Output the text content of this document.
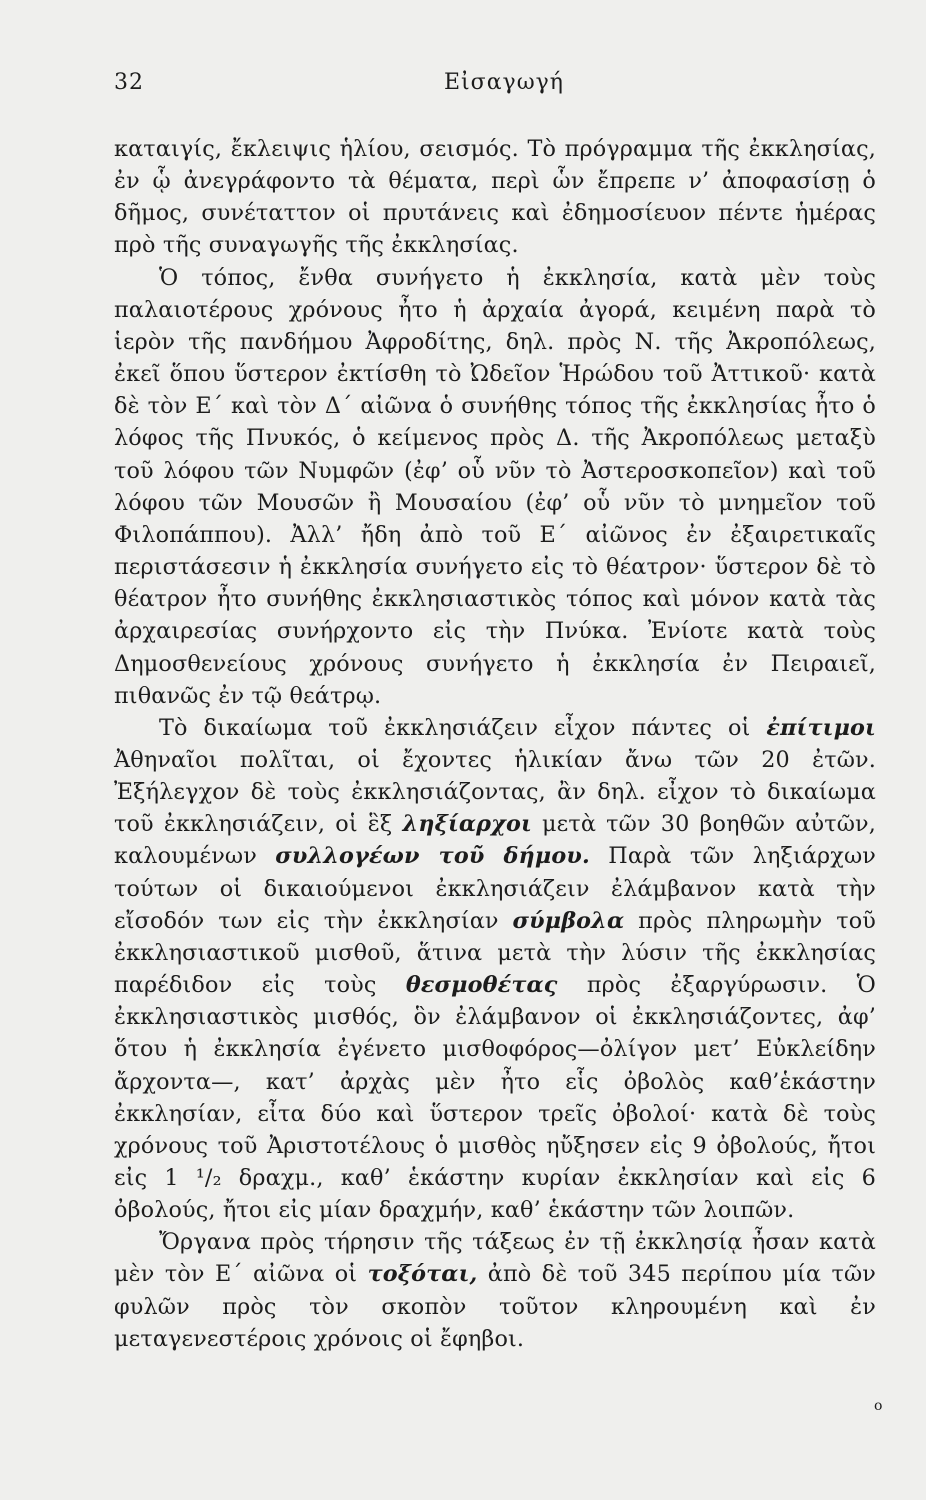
32	Εἰσαγωγή

καταιγίς, ἔκλειψις ἡλίου, σεισμός. Τὸ πρόγραμμα τῆς ἐκκλησίας, ἐν ᾧ ἀνεγράφοντο τὰ θέματα, περὶ ὧν ἔπρεπε ν’ ἀποφασίσῃ ὁ δῆμος, συνέταττον οἱ πρυτάνεις καὶ ἐδημοσίευον πέντε ἡμέρας πρὸ τῆς συναγωγῆς τῆς ἐκκλησίας.

Ὁ τόπος, ἔνθα συνήγετο ἡ ἐκκλησία, κατὰ μὲν τοὺς παλαιοτέρους χρόνους ἦτο ἡ ἀρχαία ἀγορά, κειμένη παρὰ τὸ ἱερὸν τῆς πανδήμου Ἀφροδίτης, δηλ. πρὸς Ν. τῆς Ἀκροπόλεως, ἐκεῖ ὅπου ὕστερον ἐκτίσθη τὸ Ὠδεῖον Ἡρώδου τοῦ Ἀττικοῦ· κατὰ δὲ τὸν Ε΄ καὶ τὸν Δ΄ αἰῶνα ὁ συνήθης τόπος τῆς ἐκκλησίας ἦτο ὁ λόφος τῆς Πνυκός, ὁ κείμενος πρὸς Δ. τῆς Ἀκροπόλεως μεταξὺ τοῦ λόφου τῶν Νυμφῶν (ἐφ’ οὗ νῦν τὸ Ἀστεροσκοπεῖον) καὶ τοῦ λόφου τῶν Μουσῶν ἢ Μουσαίου (ἐφ’ οὗ νῦν τὸ μνημεῖον τοῦ Φιλοπάππου). Ἀλλ’ ἤδη ἀπὸ τοῦ Ε΄ αἰῶνος ἐν ἐξαιρετικαῖς περιστάσεσιν ἡ ἐκκλησία συνήγετο εἰς τὸ θέατρον· ὕστερον δὲ τὸ θέατρον ἦτο συνήθης ἐκκλησιαστικὸς τόπος καὶ μόνον κατὰ τὰς ἀρχαιρεσίας συνήρχοντο εἰς τὴν Πνύκα. Ἐνίοτε κατὰ τοὺς Δημοσθενείους χρόνους συνήγετο ἡ ἐκκλησία ἐν Πειραιεῖ, πιθανῶς ἐν τῷ θεάτρῳ.

Τὸ δικαίωμα τοῦ ἐκκλησιάζειν εἶχον πάντες οἱ ἐπίτιμοι Ἀθηναῖοι πολῖται, οἱ ἔχοντες ἡλικίαν ἄνω τῶν 20 ἐτῶν. Ἐξήλεγχον δὲ τοὺς ἐκκλησιάζοντας, ἂν δηλ. εἶχον τὸ δικαίωμα τοῦ ἐκκλησιάζειν, οἱ ἓξ ληξίαρχοι μετὰ τῶν 30 βοηθῶν αὐτῶν, καλουμένων συλλογέων τοῦ δήμου. Παρὰ τῶν ληξιάρχων τούτων οἱ δικαιούμενοι ἐκκλησιάζειν ἐλάμβανον κατὰ τὴν εἴσοδόν των εἰς τὴν ἐκκλησίαν σύμβολα πρὸς πληρωμὴν τοῦ ἐκκλησιαστικοῦ μισθοῦ, ἅτινα μετὰ τὴν λύσιν τῆς ἐκκλησίας παρέδιδον εἰς τοὺς θεσμοθέτας πρὸς ἐξαργύρωσιν. Ὁ ἐκκλησιαστικὸς μισθός, ὃν ἐλάμβανον οἱ ἐκκλησιάζοντες, ἀφ’ ὅτου ἡ ἐκκλησία ἐγένετο μισθοφόρος—ὀλίγον μετ’ Εὐκλείδην ἄρχοντα—, κατ’ ἀρχὰς μὲν ἦτο εἷς ὀβολὸς καθ’ἑκάστην ἐκκλησίαν, εἶτα δύο καὶ ὕστερον τρεῖς ὀβολοί· κατὰ δὲ τοὺς χρόνους τοῦ Ἀριστοτέλους ὁ μισθὸς ηὔξησεν εἰς 9 ὀβολούς, ἤτοι εἰς 1 ¹/₂ δραχμ., καθ’ ἑκάστην κυρίαν ἐκκλησίαν καὶ εἰς 6 ὀβολούς, ἤτοι εἰς μίαν δραχμήν, καθ’ ἑκάστην τῶν λοιπῶν.

Ὄργανα πρὸς τήρησιν τῆς τάξεως ἐν τῇ ἐκκλησίᾳ ἦσαν κατὰ μὲν τὸν Ε΄ αἰῶνα οἱ τοξόται, ἀπὸ δὲ τοῦ 345 περίπου μία τῶν φυλῶν πρὸς τὸν σκοπὸν τοῦτον κληρουμένη καὶ ἐν μεταγενεστέροις χρόνοις οἱ ἔφηβοι.

o
